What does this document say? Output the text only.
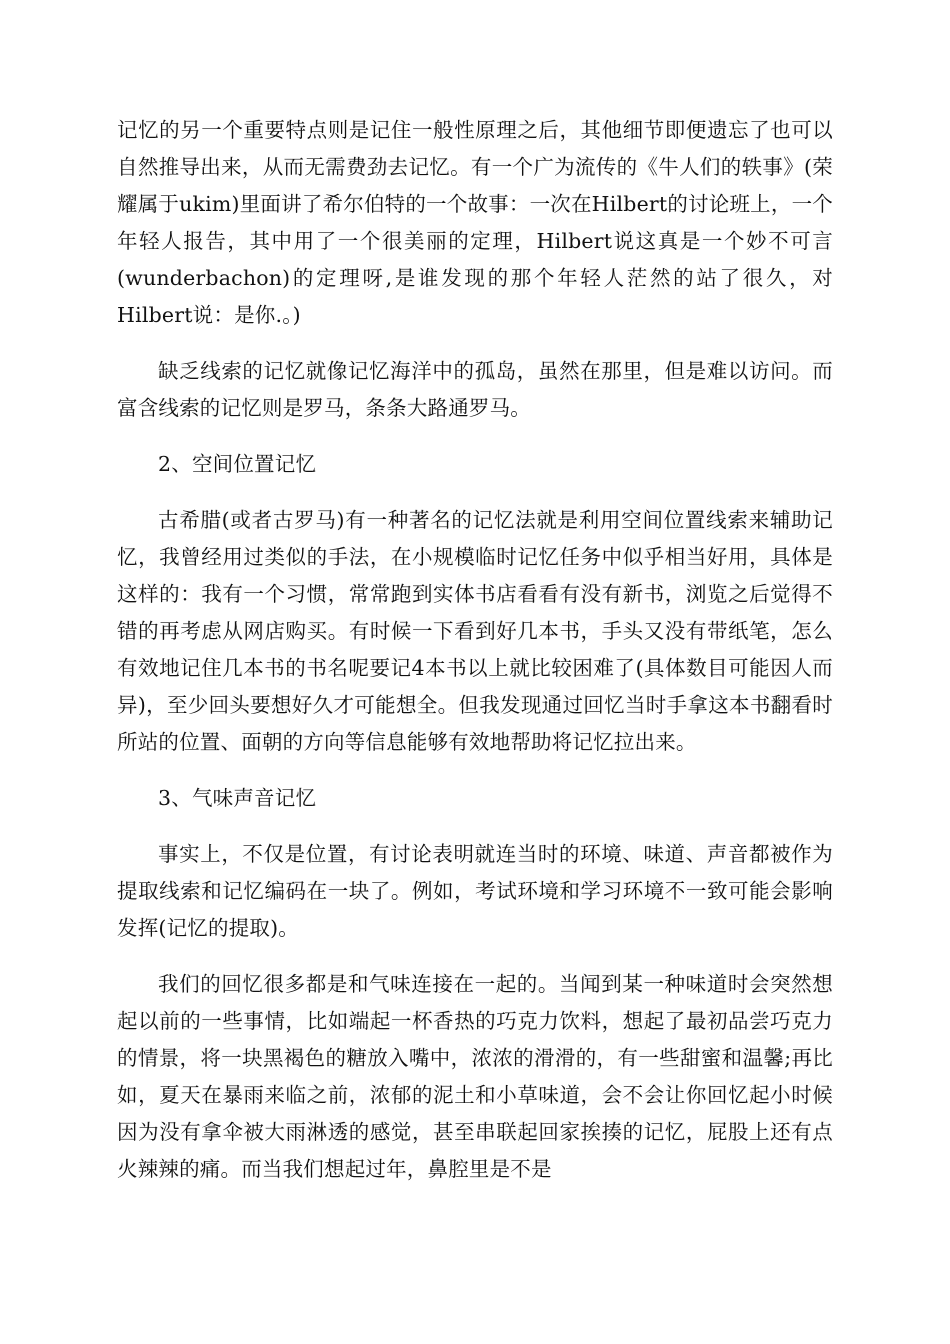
记忆的另一个重要特点则是记住一般性原理之后，其他细节即便遗忘了也可以自然推导出来，从而无需费劲去记忆。有一个广为流传的《牛人们的轶事》(荣耀属于ukim)里面讲了希尔伯特的一个故事：一次在Hilbert的讨论班上，一个年轻人报告，其中用了一个很美丽的定理，Hilbert说这真是一个妙不可言(wunderbachon)的定理呀,是谁发现的那个年轻人茫然的站了很久，对Hilbert说：是你.。)

缺乏线索的记忆就像记忆海洋中的孤岛，虽然在那里，但是难以访问。而富含线索的记忆则是罗马，条条大路通罗马。

2、空间位置记忆

古希腊(或者古罗马)有一种著名的记忆法就是利用空间位置线索来辅助记忆，我曾经用过类似的手法，在小规模临时记忆任务中似乎相当好用，具体是这样的：我有一个习惯，常常跑到实体书店看看有没有新书，浏览之后觉得不错的再考虑从网店购买。有时候一下看到好几本书，手头又没有带纸笔，怎么有效地记住几本书的书名呢要记4本书以上就比较困难了(具体数目可能因人而异)，至少回头要想好久才可能想全。但我发现通过回忆当时手拿这本书翻看时所站的位置、面朝的方向等信息能够有效地帮助将记忆拉出来。

3、气味声音记忆

事实上，不仅是位置，有讨论表明就连当时的环境、味道、声音都被作为提取线索和记忆编码在一块了。例如，考试环境和学习环境不一致可能会影响发挥(记忆的提取)。

我们的回忆很多都是和气味连接在一起的。当闻到某一种味道时会突然想起以前的一些事情，比如端起一杯香热的巧克力饮料，想起了最初品尝巧克力的情景，将一块黑褐色的糖放入嘴中，浓浓的滑滑的，有一些甜蜜和温馨;再比如，夏天在暴雨来临之前，浓郁的泥土和小草味道，会不会让你回忆起小时候因为没有拿伞被大雨淋透的感觉，甚至串联起回家挨揍的记忆，屁股上还有点火辣辣的痛。而当我们想起过年，鼻腔里是不是
